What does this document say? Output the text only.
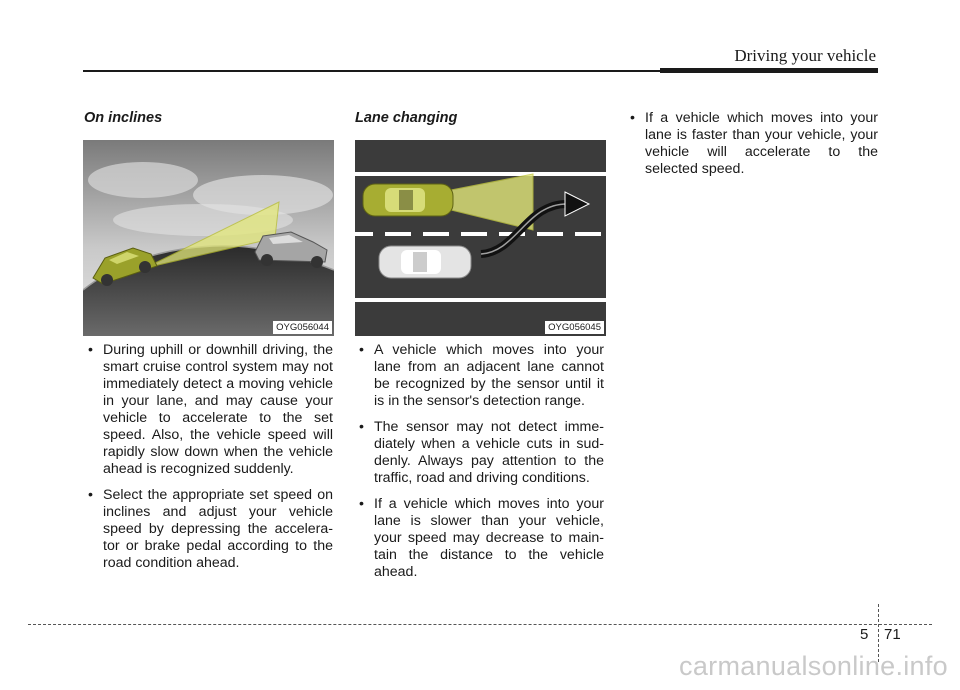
Driving your vehicle
On inclines	Lane changing
OYG056044	OYG056045
• During uphill or downhill driving, the smart cruise control system may not immediately detect a moving vehicle in your lane, and may cause your vehicle to accelerate to the set speed. Also, the vehicle speed will rapidly slow down when the vehicle ahead is recognized suddenly.
• Select the appropriate set speed on inclines and adjust your vehicle speed by depressing the accelera-tor or brake pedal according to the road condition ahead.
• A vehicle which moves into your lane from an adjacent lane cannot be recognized by the sensor until it is in the sensor's detection range.
• The sensor may not detect imme-diately when a vehicle cuts in sud-denly. Always pay attention to the traffic, road and driving conditions.
• If a vehicle which moves into your lane is slower than your vehicle, your speed may decrease to main-tain the distance to the vehicle ahead.
• If a vehicle which moves into your lane is faster than your vehicle, your vehicle will accelerate to the selected speed.
5 71
carmanualsonline.info
